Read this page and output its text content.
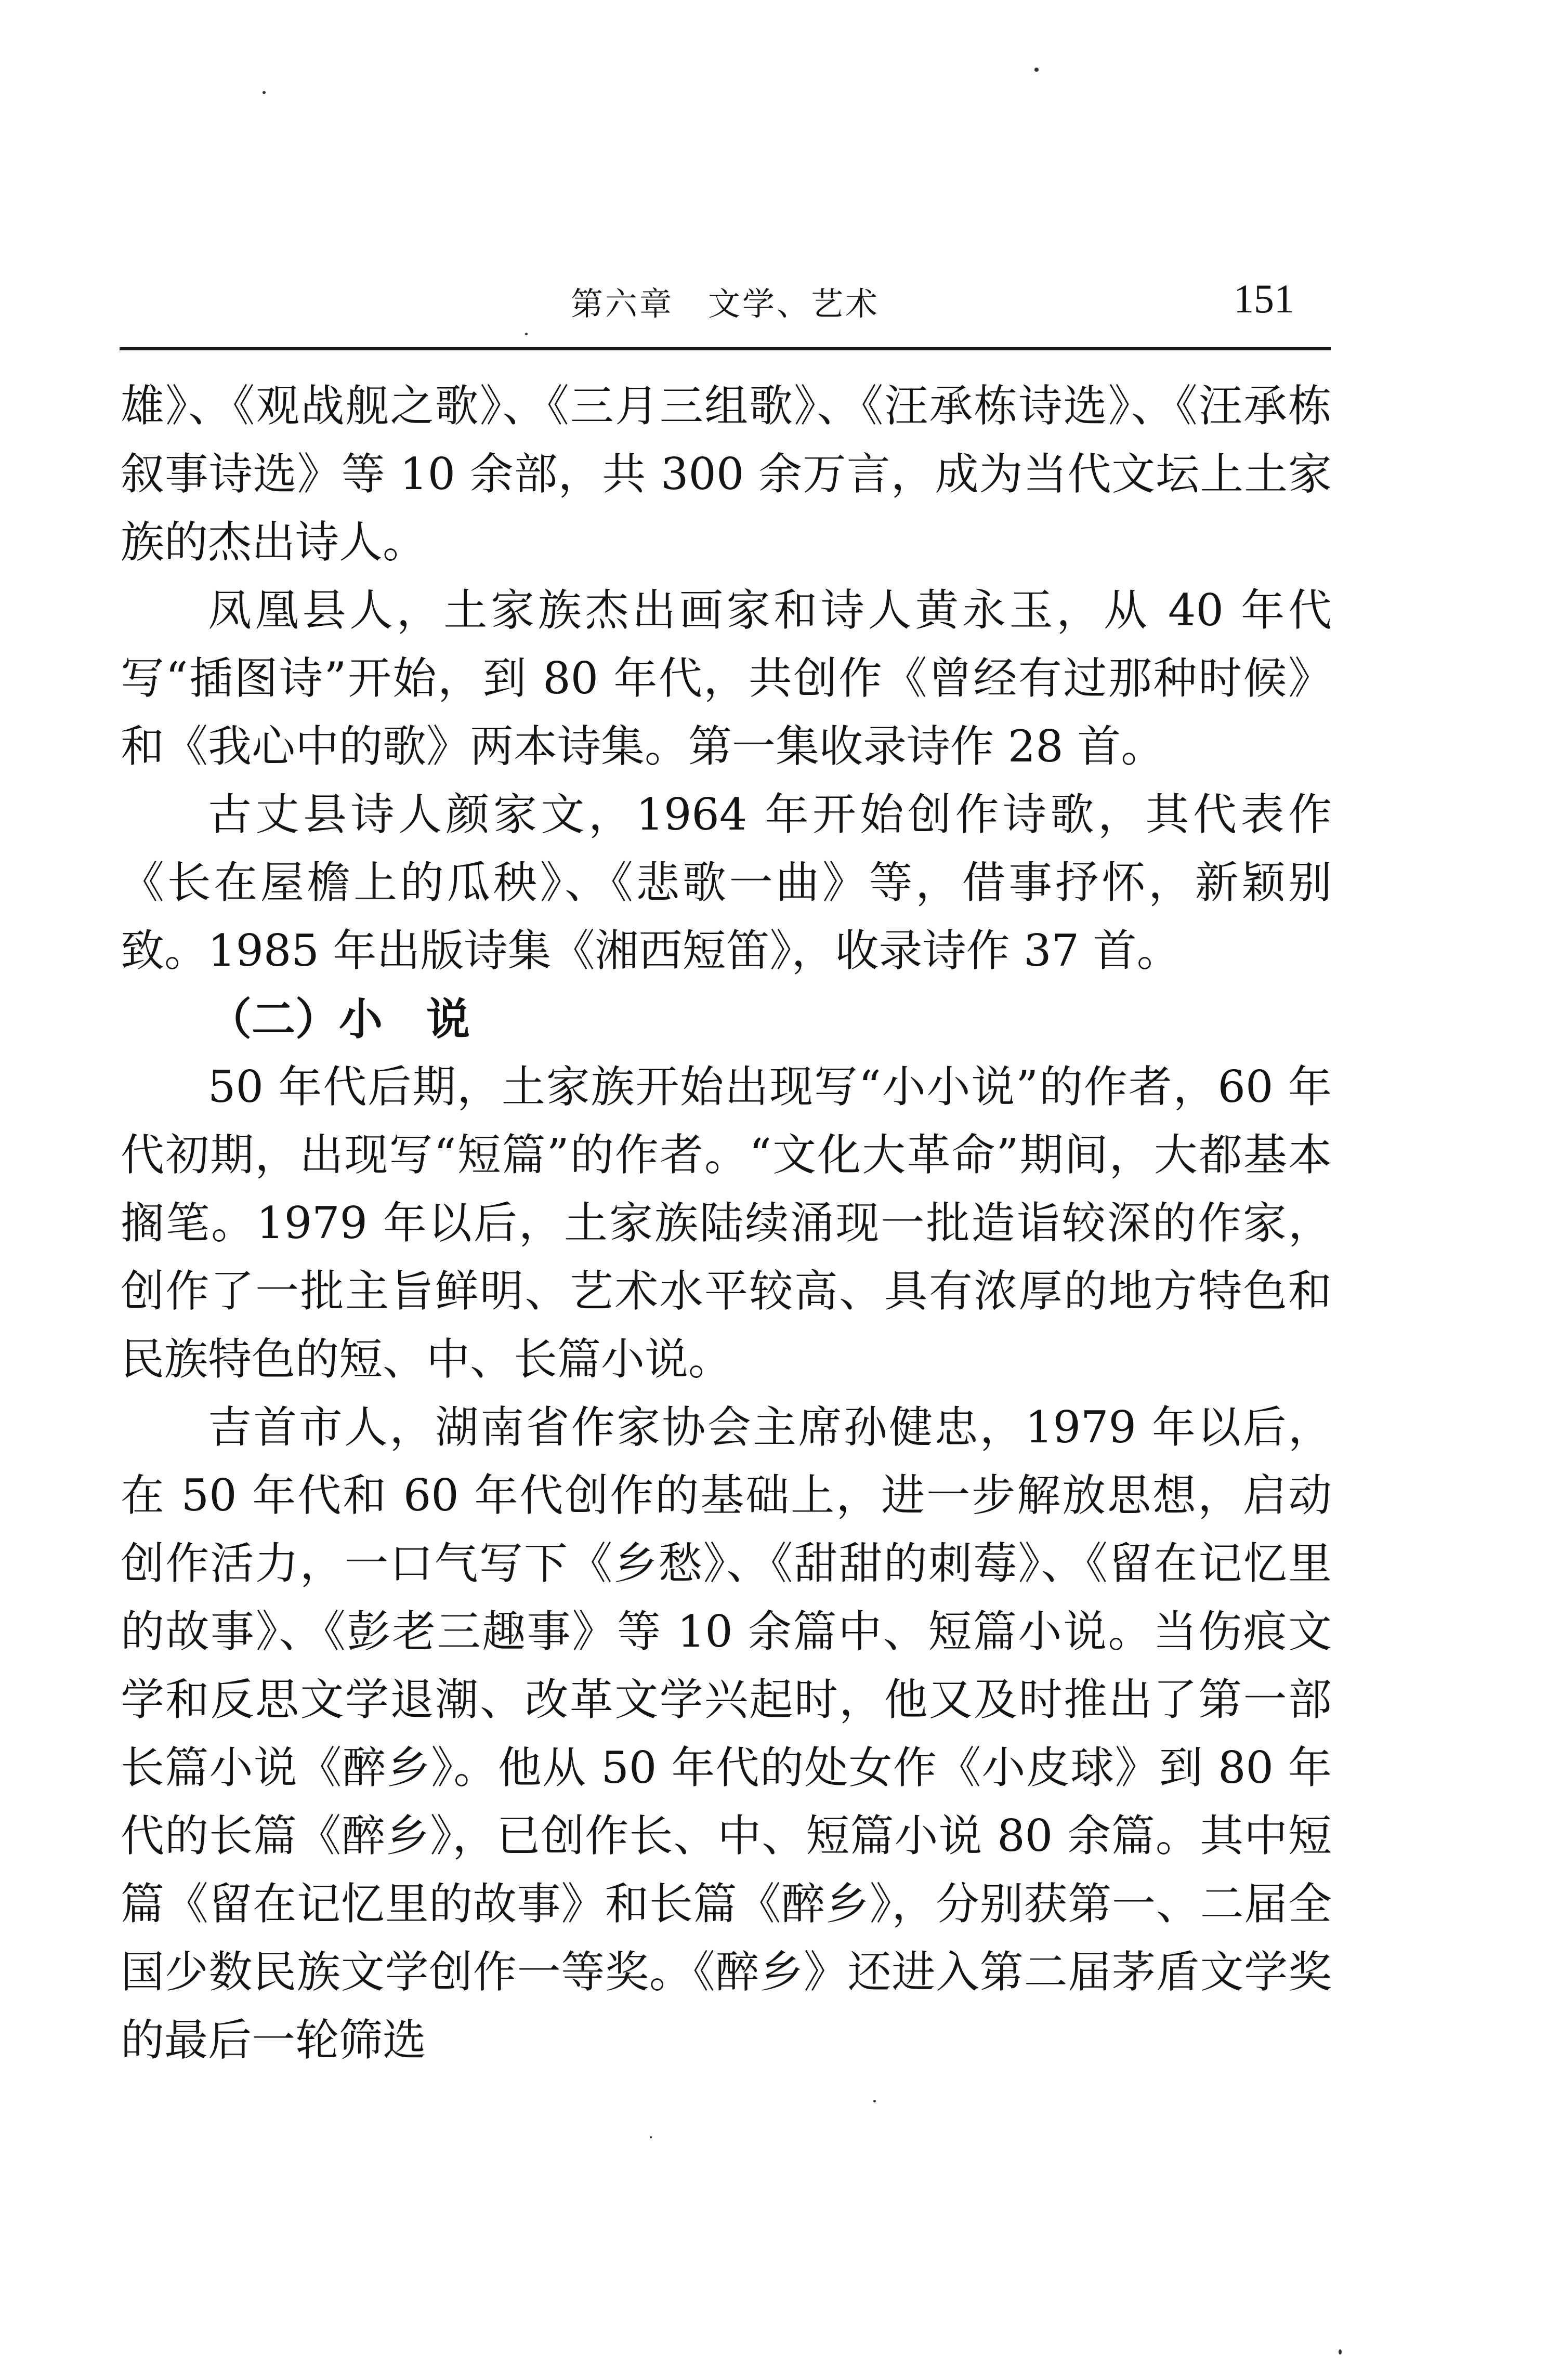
第六章　文学、艺术	151

雄》、《观战舰之歌》、《三月三组歌》、《汪承栋诗选》、《汪承栋叙事诗选》等 10 余部，共 300 余万言，成为当代文坛上土家族的杰出诗人。

凤凰县人，土家族杰出画家和诗人黄永玉，从 40 年代写“插图诗”开始，到 80 年代，共创作《曾经有过那种时候》和《我心中的歌》两本诗集。第一集收录诗作 28 首。

古丈县诗人颜家文，1964 年开始创作诗歌，其代表作《长在屋檐上的瓜秧》、《悲歌一曲》等，借事抒怀，新颖别致。1985 年出版诗集《湘西短笛》，收录诗作 37 首。

（二）小　说

50 年代后期，土家族开始出现写“小小说”的作者，60 年代初期，出现写“短篇”的作者。“文化大革命”期间，大都基本搁笔。1979 年以后，土家族陆续涌现一批造诣较深的作家，创作了一批主旨鲜明、艺术水平较高、具有浓厚的地方特色和民族特色的短、中、长篇小说。

吉首市人，湖南省作家协会主席孙健忠，1979 年以后，在 50 年代和 60 年代创作的基础上，进一步解放思想，启动创作活力，一口气写下《乡愁》、《甜甜的刺莓》、《留在记忆里的故事》、《彭老三趣事》等 10 余篇中、短篇小说。当伤痕文学和反思文学退潮、改革文学兴起时，他又及时推出了第一部长篇小说《醉乡》。他从 50 年代的处女作《小皮球》到 80 年代的长篇《醉乡》，已创作长、中、短篇小说 80 余篇。其中短篇《留在记忆里的故事》和长篇《醉乡》，分别获第一、二届全国少数民族文学创作一等奖。《醉乡》还进入第二届茅盾文学奖的最后一轮筛选
